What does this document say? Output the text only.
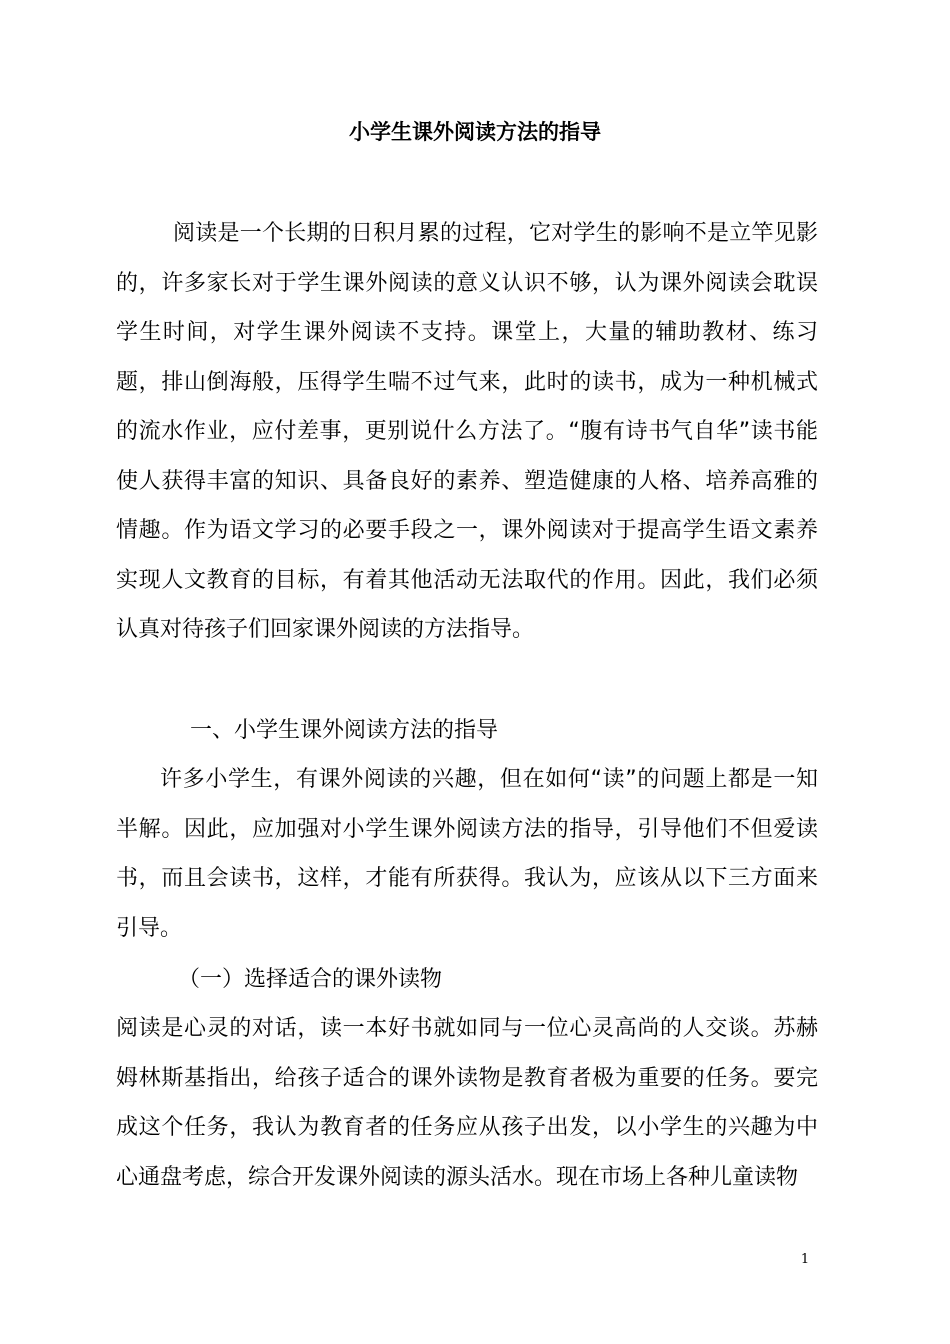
小学生课外阅读方法的指导
阅读是一个长期的日积月累的过程，它对学生的影响不是立竿见影的，许多家长对于学生课外阅读的意义认识不够，认为课外阅读会耽误学生时间，对学生课外阅读不支持。课堂上，大量的辅助教材、练习题，排山倒海般，压得学生喘不过气来，此时的读书，成为一种机械式的流水作业，应付差事，更别说什么方法了。“腹有诗书气自华”读书能使人获得丰富的知识、具备良好的素养、塑造健康的人格、培养高雅的情趣。作为语文学习的必要手段之一，课外阅读对于提高学生语文素养实现人文教育的目标，有着其他活动无法取代的作用。因此，我们必须认真对待孩子们回家课外阅读的方法指导。
一、小学生课外阅读方法的指导
许多小学生，有课外阅读的兴趣，但在如何“读”的问题上都是一知半解。因此，应加强对小学生课外阅读方法的指导，引导他们不但爱读书，而且会读书，这样，才能有所获得。我认为，应该从以下三方面来引导。
（一）选择适合的课外读物
阅读是心灵的对话，读一本好书就如同与一位心灵高尚的人交谈。苏赫姆林斯基指出，给孩子适合的课外读物是教育者极为重要的任务。要完成这个任务，我认为教育者的任务应从孩子出发，以小学生的兴趣为中心通盘考虑，综合开发课外阅读的源头活水。现在市场上各种儿童读物
1
